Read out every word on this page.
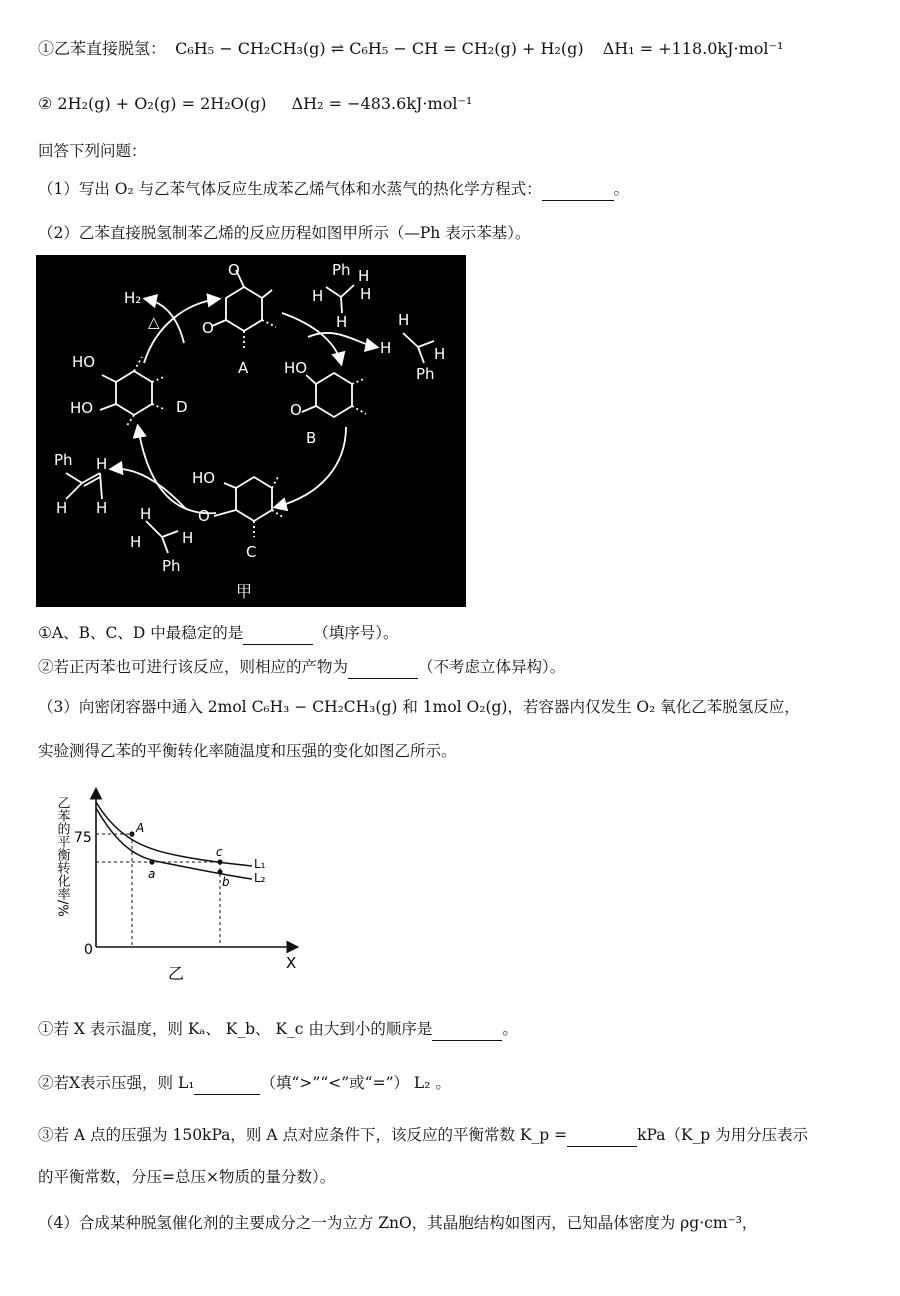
①乙苯直接脱氢： C₆H₅ − CH₂CH₃(g) ⇌ C₆H₅ − CH = CH₂(g) + H₂(g) ΔH₁ = +118.0kJ·mol⁻¹
② 2H₂(g) + O₂(g) = 2H₂O(g) ΔH₂ = −483.6kJ·mol⁻¹
回答下列问题：
（1）写出 O₂ 与乙苯气体反应生成苯乙烯气体和水蒸气的热化学方程式：	。
（2）乙苯直接脱氢制苯乙烯的反应历程如图甲所示（—Ph 表示苯基）。
O
O
A HO
O
B
HO
O
C
HO
HO	D
H₂
△
Ph H
H H
Ph H
H H
H	H
H	H
Ph
H
H	H
Ph
甲
①A、B、C、D 中最稳定的是	（填序号）。
②若正丙苯也可进行该反应，则相应的产物为	（不考虑立体异构）。
（3）向密闭容器中通入 2mol C₆H₃ − CH₂CH₃(g) 和 1mol O₂(g)，若容器内仅发生 O₂ 氧化乙苯脱氢反应，
实验测得乙苯的平衡转化率随温度和压强的变化如图乙所示。
乙苯的平衡转化率/% 75
0
X
乙
A
a
c
b
L₁
L₂
①若 X 表示温度，则 Kₐ、 K_b、 K_c 由大到小的顺序是	。
②若X表示压强，则 L₁	（填“>”“<”或“=”） L₂ 。
③若 A 点的压强为 150kPa，则 A 点对应条件下，该反应的平衡常数 K_p =	kPa（K_p 为用分压表示
的平衡常数，分压=总压×物质的量分数）。
（4）合成某种脱氢催化剂的主要成分之一为立方 ZnO，其晶胞结构如图丙，已知晶体密度为 ρg·cm⁻³，
